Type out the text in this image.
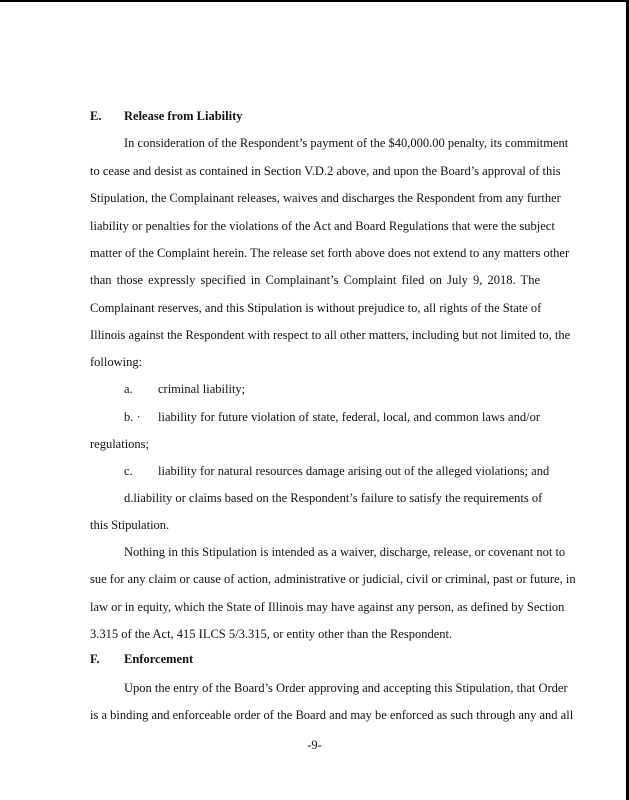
E. Release from Liability
In consideration of the Respondent’s payment of the $40,000.00 penalty, its commitment
to cease and desist as contained in Section V.D.2 above, and upon the Board’s approval of this
Stipulation, the Complainant releases, waives and discharges the Respondent from any further
liability or penalties for the violations of the Act and Board Regulations that were the subject
matter of the Complaint herein. The release set forth above does not extend to any matters other
than those expressly specified in Complainant’s Complaint filed on July 9, 2018. The
Complainant reserves, and this Stipulation is without prejudice to, all rights of the State of
Illinois against the Respondent with respect to all other matters, including but not limited to, the
following:
a. criminal liability;
b. ·	liability for future violation of state, federal, local, and common laws and/or
regulations;
c. liability for natural resources damage arising out of the alleged violations; and
d. liability or claims based on the Respondent’s failure to satisfy the requirements of
this Stipulation.
Nothing in this Stipulation is intended as a waiver, discharge, release, or covenant not to
sue for any claim or cause of action, administrative or judicial, civil or criminal, past or future, in
law or in equity, which the State of Illinois may have against any person, as defined by Section
3.315 of the Act, 415 ILCS 5/3.315, or entity other than the Respondent.
F. Enforcement
Upon the entry of the Board’s Order approving and accepting this Stipulation, that Order
is a binding and enforceable order of the Board and may be enforced as such through any and all
-9-
